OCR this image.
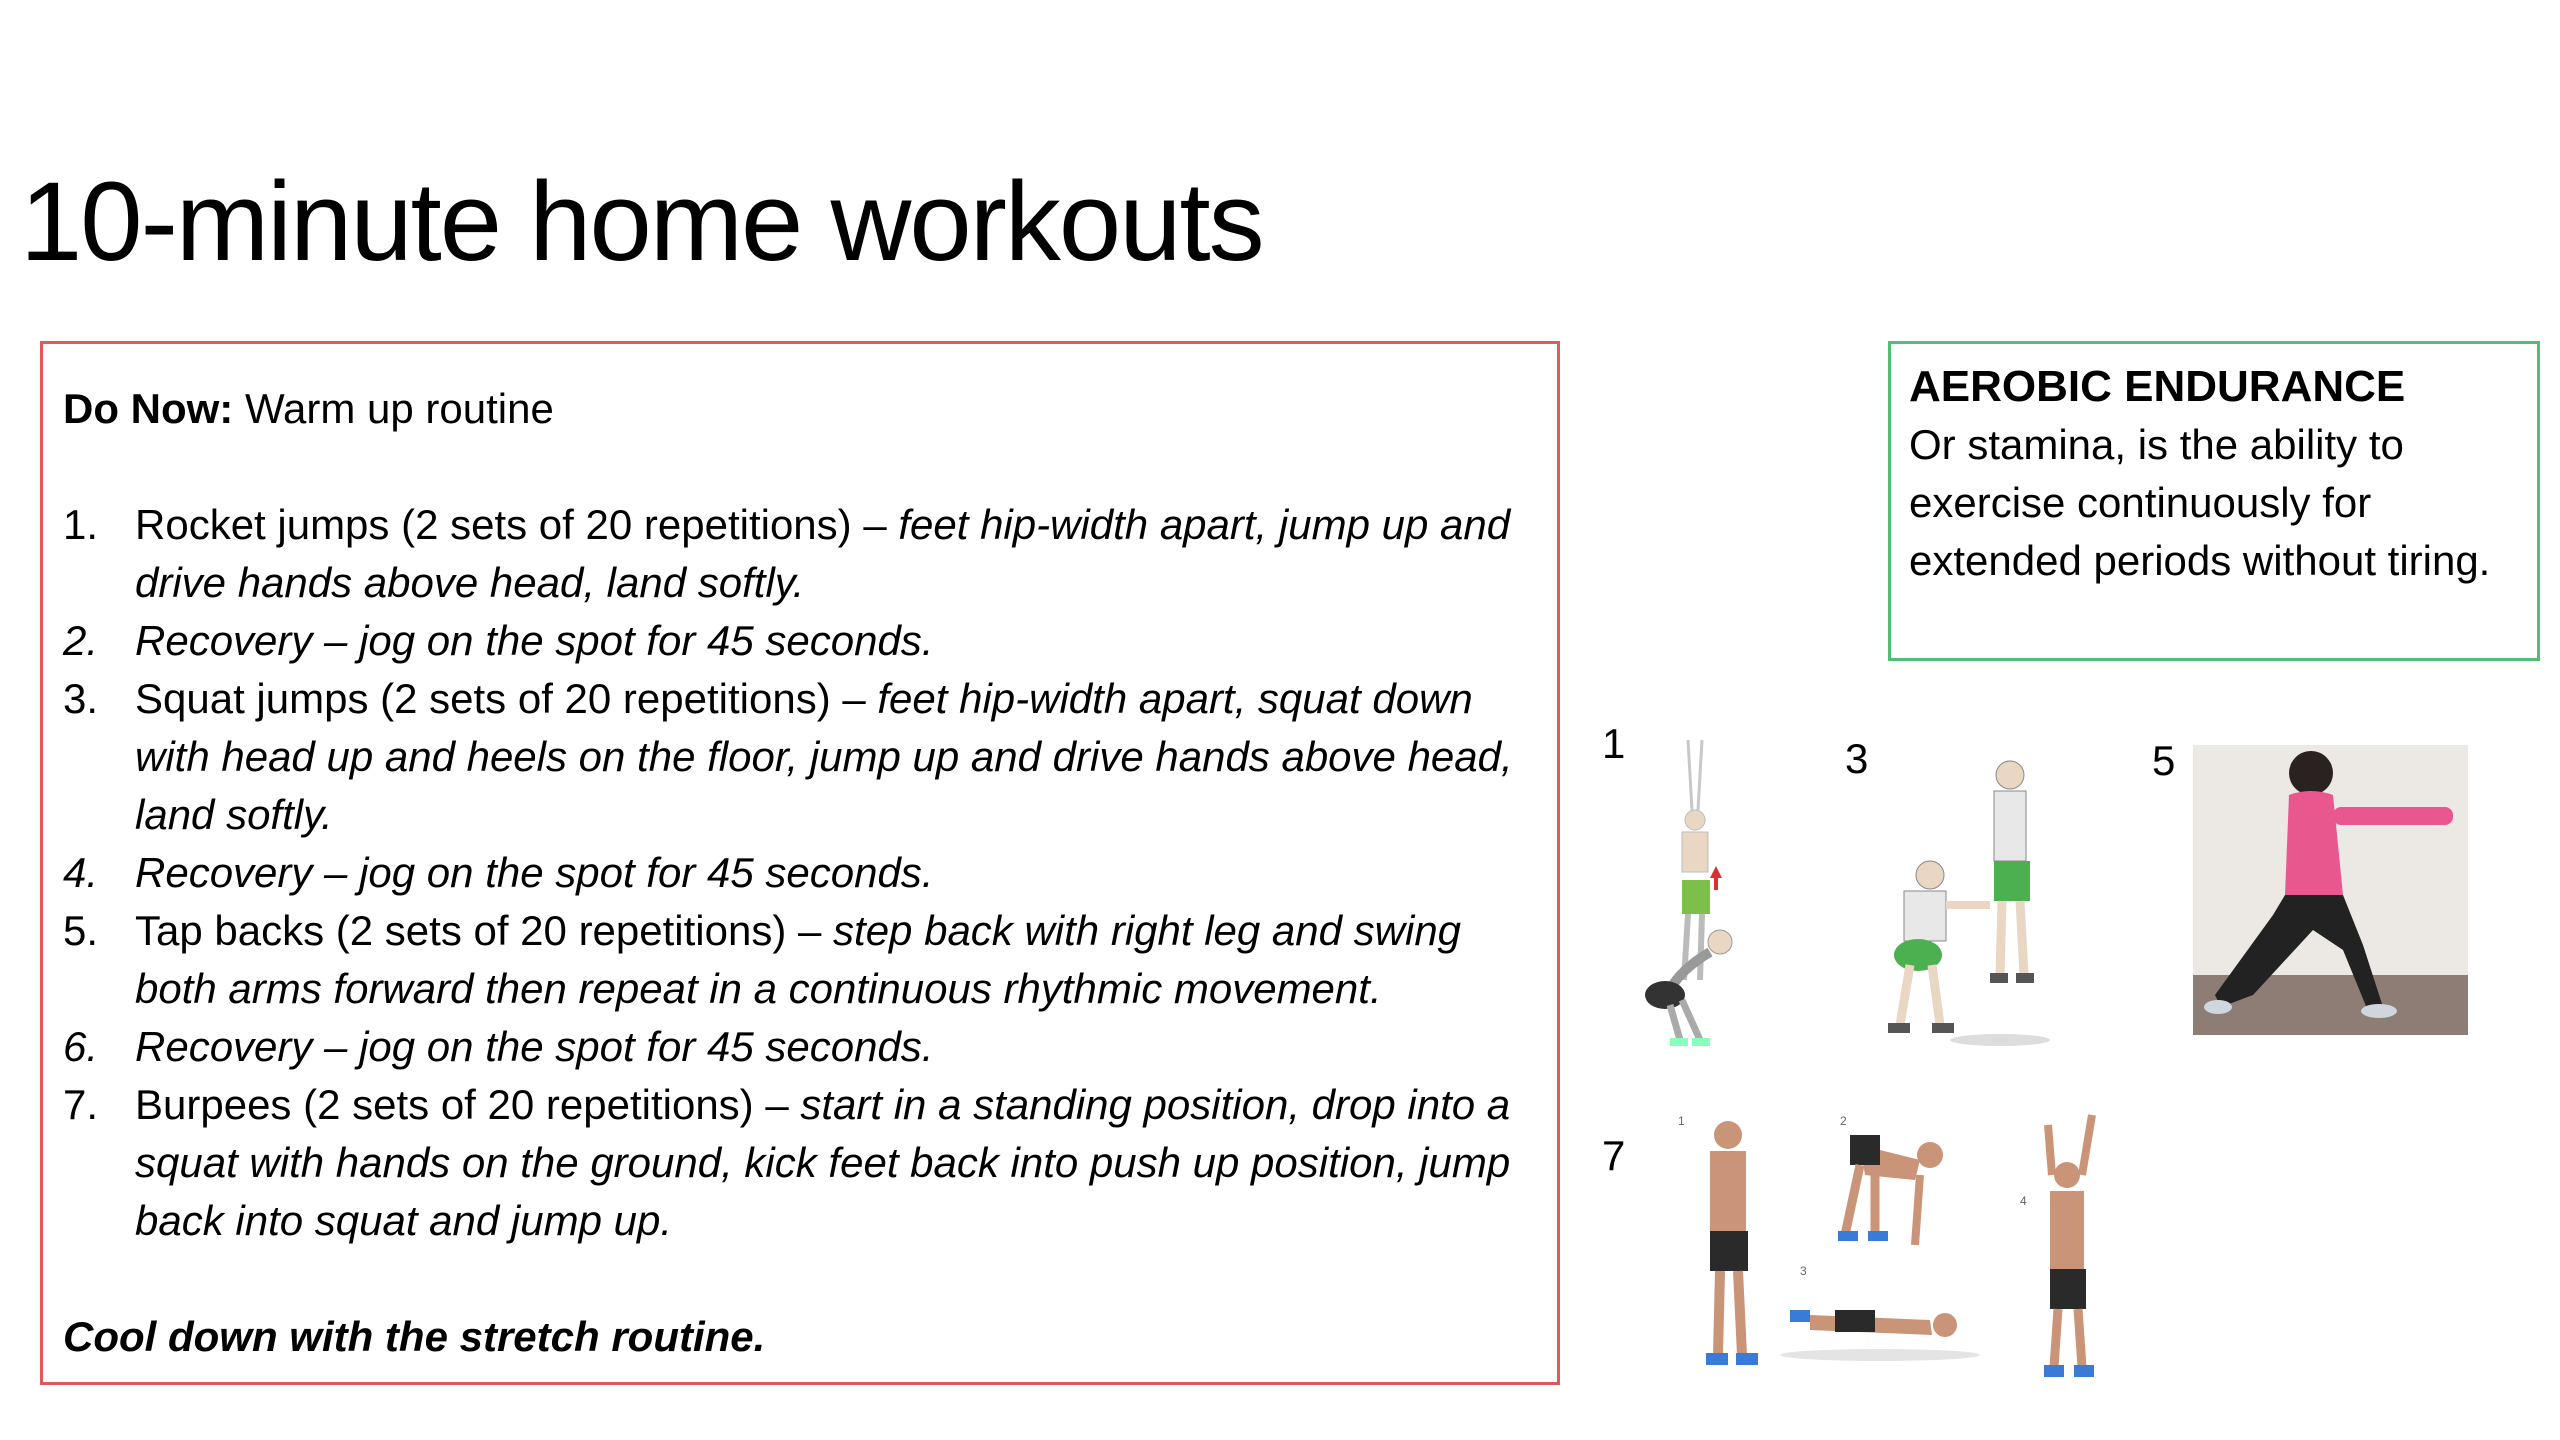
10-minute home workouts
Do Now: Warm up routine
1. Rocket jumps (2 sets of 20 repetitions) – feet hip-width apart, jump up and drive hands above head, land softly.
2. Recovery – jog on the spot for 45 seconds.
3. Squat jumps (2 sets of 20 repetitions) – feet hip-width apart, squat down with head up and heels on the floor, jump up and drive hands above head, land softly.
4. Recovery – jog on the spot for 45 seconds.
5. Tap backs (2 sets of 20 repetitions) – step back with right leg and swing both arms forward then repeat in a continuous rhythmic movement.
6. Recovery – jog on the spot for 45 seconds.
7. Burpees (2 sets of 20 repetitions) – start in a standing position, drop into a squat with hands on the ground, kick feet back into push up position, jump back into squat and jump up.
Cool down with the stretch routine.
AEROBIC ENDURANCE
Or stamina, is the ability to exercise continuously for extended periods without tiring.
1	3	5
7
1	2
3
4
